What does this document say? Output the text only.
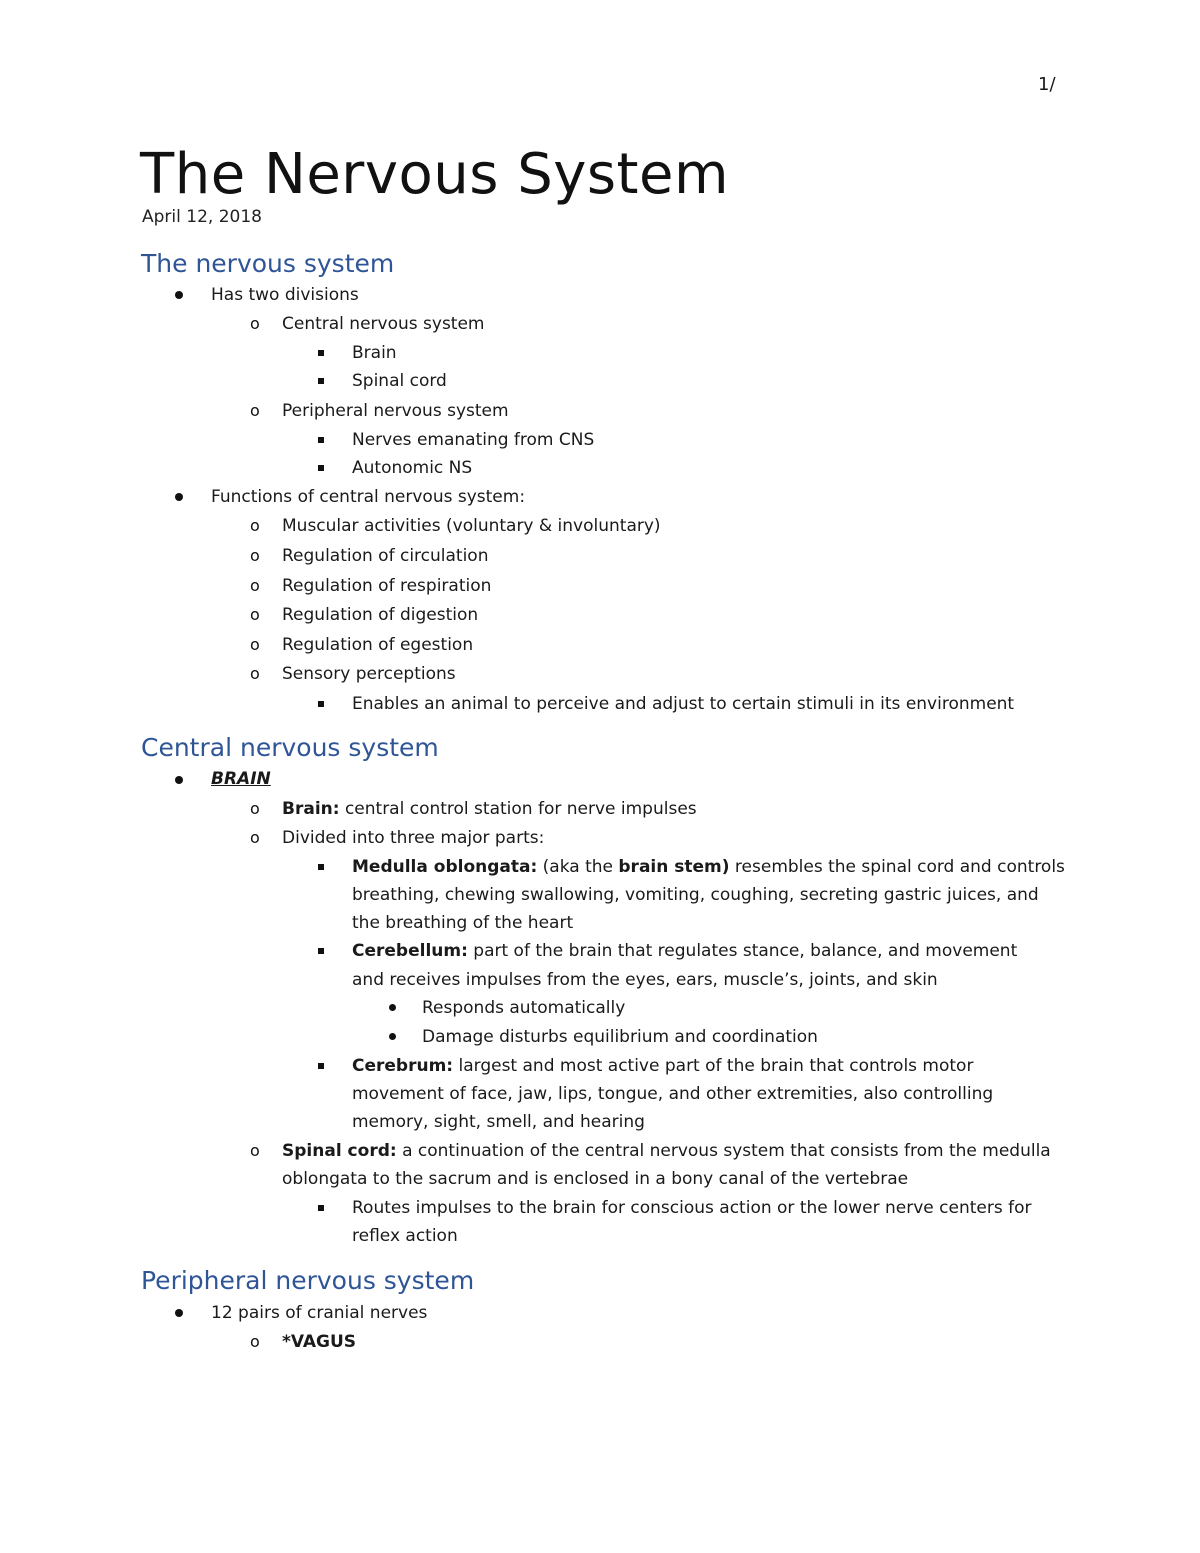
1/
The Nervous System
April 12, 2018
The nervous system
Has two divisions
o Central nervous system
Brain
Spinal cord
o Peripheral nervous system
Nerves emanating from CNS
Autonomic NS
Functions of central nervous system:
o Muscular activities (voluntary & involuntary)
o Regulation of circulation
o Regulation of respiration
o Regulation of digestion
o Regulation of egestion
o Sensory perceptions
Enables an animal to perceive and adjust to certain stimuli in its environment
Central nervous system
BRAIN
o Brain: central control station for nerve impulses
o Divided into three major parts:
Medulla oblongata: (aka the brain stem) resembles the spinal cord and controls
breathing, chewing swallowing, vomiting, coughing, secreting gastric juices, and
the breathing of the heart
Cerebellum: part of the brain that regulates stance, balance, and movement
and receives impulses from the eyes, ears, muscle’s, joints, and skin
Responds automatically
Damage disturbs equilibrium and coordination
Cerebrum: largest and most active part of the brain that controls motor
movement of face, jaw, lips, tongue, and other extremities, also controlling
memory, sight, smell, and hearing
o Spinal cord: a continuation of the central nervous system that consists from the medulla
oblongata to the sacrum and is enclosed in a bony canal of the vertebrae
Routes impulses to the brain for conscious action or the lower nerve centers for
reflex action
Peripheral nervous system
12 pairs of cranial nerves
o *VAGUS
